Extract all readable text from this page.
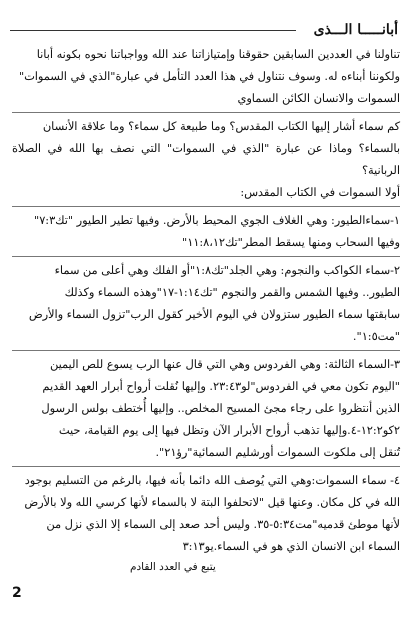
أبانـــــا الـــذى

تناولنا في العددين السابقين حقوقنا وإمتيازاتنا عند الله وواجباتنا نحوه بكونه أبانا

ولكوننا أبناءه له. وسوف نتناول في هذا العدد التأمل في عبارة"الذي في السموات"

السموات والانسان الكائن السماوي

كم سماء أشار إليها الكتاب المقدس؟ وما طبيعة كل سماء؟ وما علاقة الأنسان

بالسماء؟ وماذا عن عبارة "الذي في السموات" التي نصف بها الله في الصلاة الربانية؟

أولا السموات في الكتاب المقدس:

١-سماءالطيور: وهي الغلاف الجوي المحيط بالأرض. وفيها تطير الطيور "تك٧:٣"

وفيها السحاب ومنها يسقط المطر"تك١١:٨،١٢"

٢-سماء الكواكب والنجوم: وهي الجلد"تك١:٨"أو الفلك وهي أعلى من سماء

الطيور.. وفيها الشمس والقمر والنجوم "تك١:١٤-١٧"وهذه السماء وكذلك

سابقتها سماء الطيور ستزولان في اليوم الأخير كقول الرب"تزول السماء والأرض

"مت١:٥".

٣-السماء الثالثة: وهي الفردوس وهي التي قال عنها الرب يسوع للص اليمين

"اليوم تكون معي في الفردوس"لو٢٣:٤٣. وإليها نُقلت أرواح أبرار العهد القديم

الذين أنتظروا على رجاء مجئ المسيح المخلص.. وإليها أُختطف بولس الرسول

٢كو١٢:٢-٤.وإليها تذهب أرواح الأبرار الآن وتظل فيها إلى يوم القيامة، حيث

تُنقل إلى ملكوت السموات أورشليم السمائية"رؤ٢١".

٤- سماء السموات:وهي التي يُوصف الله دائما بأنه فيها، بالرغم من التسليم بوجود

الله في كل مكان. وعنها قيل "لاتحلفوا البتة لا بالسماء لأنها كرسي الله ولا بالأرض

لأنها موطئ قدميه"مت٥:٣٤-٣٥. وليس أحد صعد إلى السماء إلا الذي نزل من

السماء ابن الانسان الذي هو في السماء.يو٣:١٣

يتبع في العدد القادم
2
